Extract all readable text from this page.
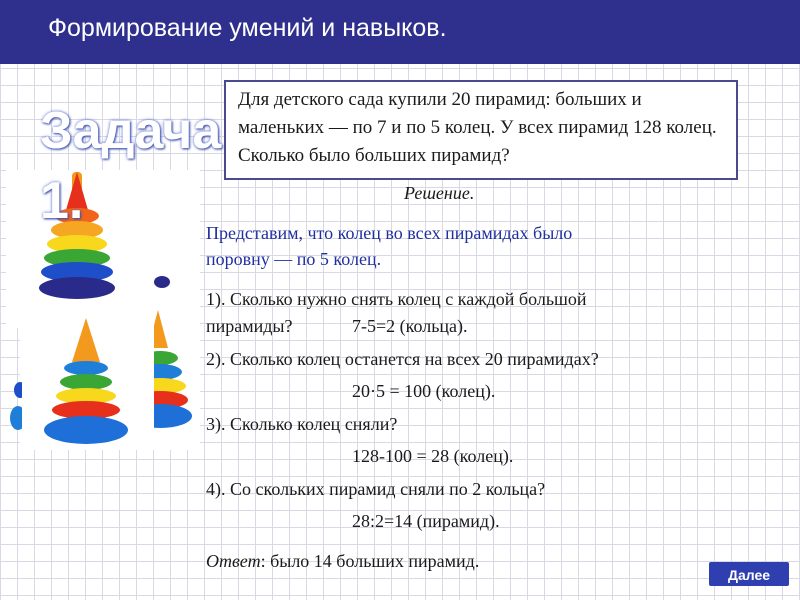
Формирование умений и навыков.
Задача 1.
Для детского сада купили 20 пирамид: больших и маленьких — по 7 и по 5 колец. У всех пирамид 128 колец. Сколько было больших пирамид?
Решение.
Представим, что колец во всех пирамидах было
поровну — по 5 колец.
1). Сколько нужно снять колец с каждой большой
пирамиды?	7-5=2 (кольца).
2). Сколько колец останется на всех 20 пирамидах?
20·5 = 100 (колец).
3). Сколько колец сняли?
128-100 = 28 (колец).
4). Со скольких пирамид сняли по 2 кольца?
28:2=14 (пирамид).
Ответ: было 14 больших пирамид.
Далее
